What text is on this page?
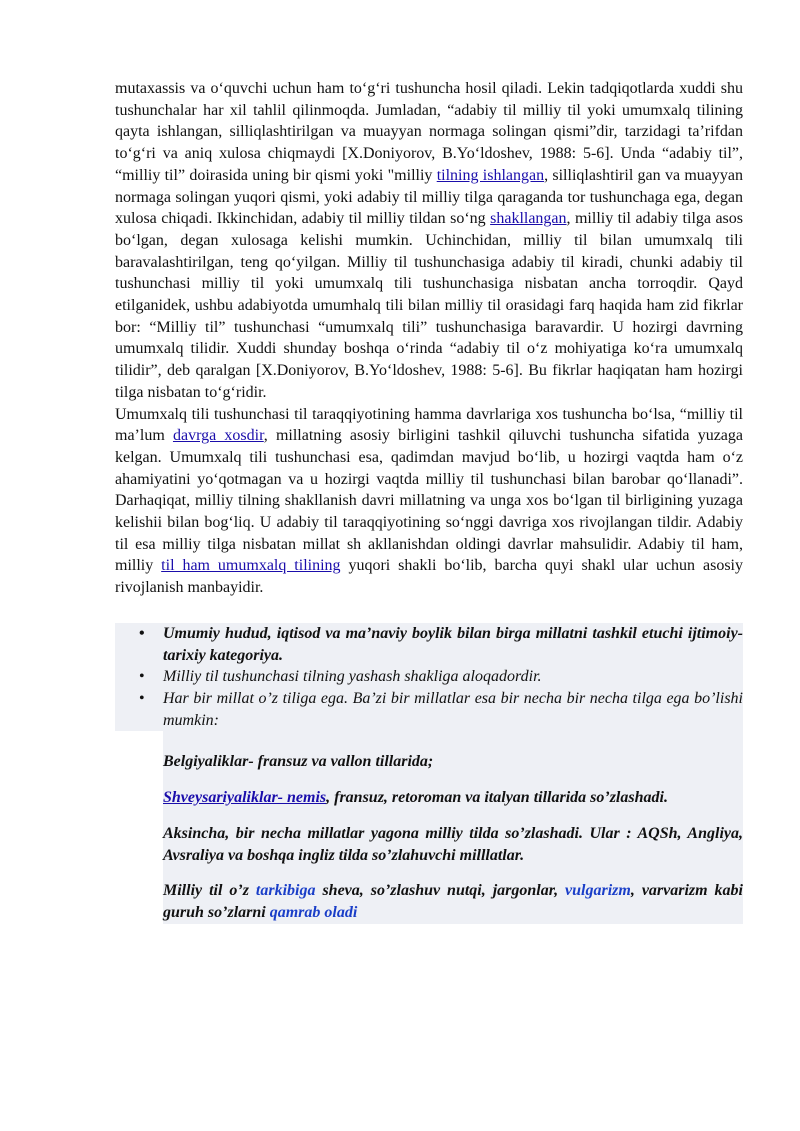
mutaxassis va o‘quvchi uchun ham to‘g‘ri tushuncha hosil qiladi. Lekin tadqiqotlarda xuddi shu tushunchalar har xil tahlil qilinmoqda. Jumladan, “adabiy til milliy til yoki umumxalq tilining qayta ishlangan, silliqlashtirilgan va muayyan normaga solingan qismi”dir, tarzidagi ta’rifdan to‘g‘ri va aniq xulosa chiqmaydi [X.Doniyorov, B.Yo‘ldoshev, 1988: 5-6]. Unda “adabiy til”, “milliy til” doirasida uning bir qismi yoki "milliy tilning ishlangan, silliqlashtiril gan va muayyan normaga solingan yuqori qismi, yoki adabiy til milliy tilga qaraganda tor tushunchaga ega, degan xulosa chiqadi. Ikkinchidan, adabiy til milliy tildan so‘ng shakllangan, milliy til adabiy tilga asos bo‘lgan, degan xulosaga kelishi mumkin. Uchinchidan, milliy til bilan umumxalq tili baravalashtirilgan, teng qo‘yilgan. Milliy til tushunchasiga adabiy til kiradi, chunki adabiy til tushunchasi milliy til yoki umumxalq tili tushunchasiga nisbatan ancha torroqdir. Qayd etilganidek, ushbu adabiyotda umumhalq tili bilan milliy til orasidagi farq haqida ham zid fikrlar bor: “Milliy til” tushunchasi “umumxalq tili” tushunchasiga baravardir. U hozirgi davrning umumxalq tilidir. Xuddi shunday boshqa o‘rinda “adabiy til o‘z mohiyatiga ko‘ra umumxalq tilidir”, deb qaralgan [X.Doniyorov, B.Yo‘ldoshev, 1988: 5-6]. Bu fikrlar haqiqatan ham hozirgi tilga nisbatan to‘g‘ridir.

Umumxalq tili tushunchasi til taraqqiyotining hamma davrlariga xos tushuncha bo‘lsa, “milliy til ma’lum davrga xosdir, millatning asosiy birligini tashkil qiluvchi tushuncha sifatida yuzaga kelgan. Umumxalq tili tushunchasi esa, qadimdan mavjud bo‘lib, u hozirgi vaqtda ham o‘z ahamiyatini yo‘qotmagan va u hozirgi vaqtda milliy til tushunchasi bilan barobar qo‘llanadi”. Darhaqiqat, milliy tilning shakllanish davri millatning va unga xos bo‘lgan til birligining yuzaga kelishii bilan bog‘liq. U adabiy til taraqqiyotining so‘nggi davriga xos rivojlangan tildir. Adabiy til esa milliy tilga nisbatan millat sh akllanishdan oldingi davrlar mahsulidir. Adabiy til ham, milliy til ham umumxalq tilining yuqori shakli bo‘lib, barcha quyi shakl ular uchun asosiy rivojlanish manbayidir.

• Umumiy hudud, iqtisod va ma’naviy boylik bilan birga millatni tashkil etuchi ijtimoiy-tarixiy kategoriya.
• Milliy til tushunchasi tilning yashash shakliga aloqadordir.
• Har bir millat o’z tiliga ega. Ba’zi bir millatlar esa bir necha bir necha tilga ega bo’lishi mumkin:

Belgiyaliklar- fransuz va vallon tillarida;

Shveysariyaliklar- nemis, fransuz, retoroman va italyan tillarida so’zlashadi.

Aksincha, bir necha millatlar yagona milliy tilda so’zlashadi. Ular : AQSh, Angliya, Avsraliya va boshqa ingliz tilda so’zlahuvchi milllatlar.

Milliy til o’z tarkibiga sheva, so’zlashuv nutqi, jargonlar, vulgarizm, varvarizm kabi guruh so’zlarni qamrab oladi
